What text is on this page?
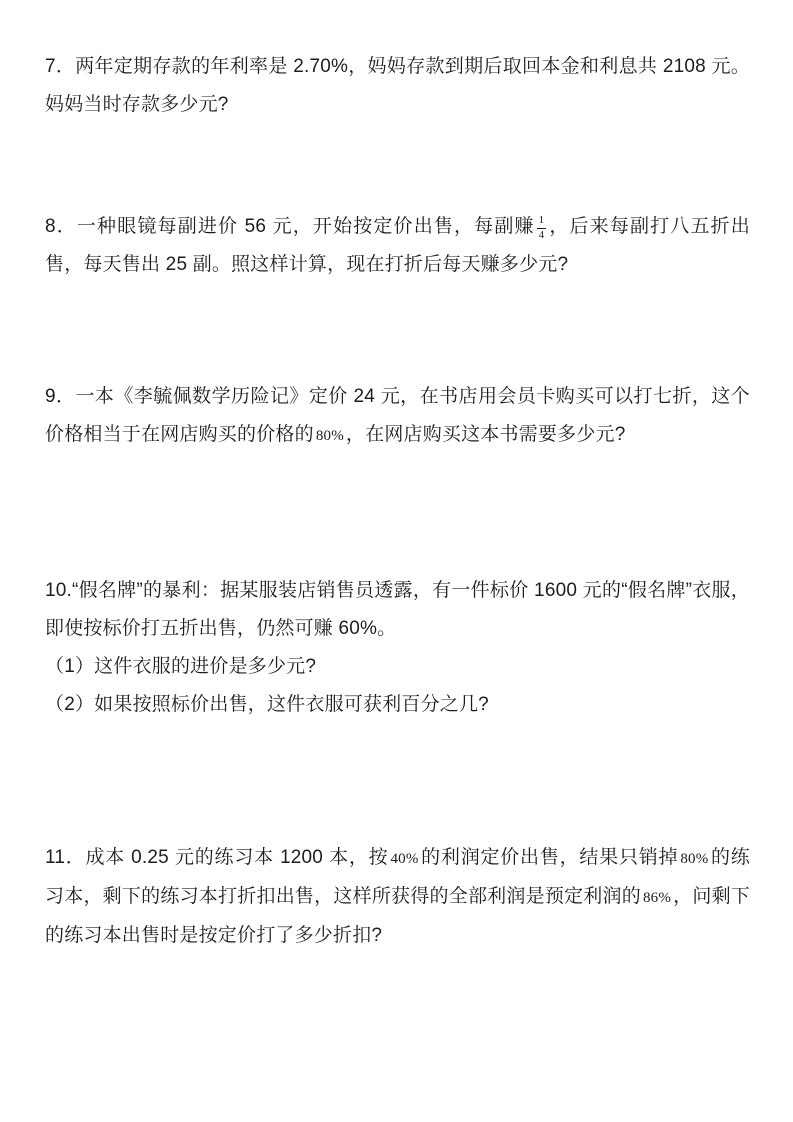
7．两年定期存款的年利率是 2.70%，妈妈存款到期后取回本金和利息共 2108 元。妈妈当时存款多少元?

8．一种眼镜每副进价 56 元，开始按定价出售，每副赚 $\frac{1}{4}$ ，后来每副打八五折出售，每天售出 25 副。照这样计算，现在打折后每天赚多少元?

9．一本《李毓佩数学历险记》定价 24 元，在书店用会员卡购买可以打七折，这个价格相当于在网店购买的价格的 80% ，在网店购买这本书需要多少元?

10.“假名牌”的暴利：据某服装店销售员透露，有一件标价 1600 元的“假名牌”衣服，即使按标价打五折出售，仍然可赚 60%。

（1）这件衣服的进价是多少元?

（2）如果按照标价出售，这件衣服可获利百分之几?

11．成本 0.25 元的练习本 1200 本，按 40% 的利润定价出售，结果只销掉 80% 的练习本，剩下的练习本打折扣出售，这样所获得的全部利润是预定利润的 86% ，问剩下的练习本出售时是按定价打了多少折扣?
